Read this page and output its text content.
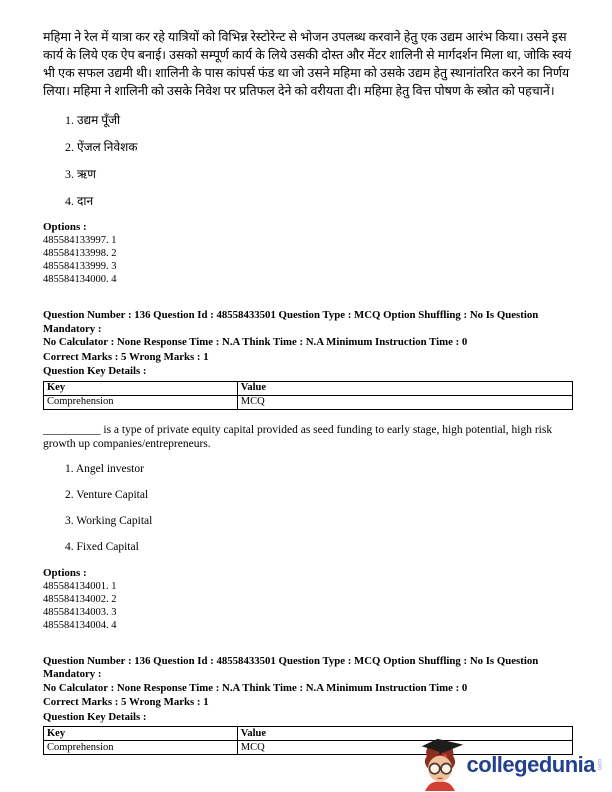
महिमा ने रेल में यात्रा कर रहे यात्रियों को विभिन्न रेस्टोरेन्ट से भोजन उपलब्ध करवाने हेतु एक उद्यम आरंभ किया। उसने इस कार्य के लिये एक ऐप बनाई। उसको सम्पूर्ण कार्य के लिये उसकी दोस्त और मेंटर शालिनी से मार्गदर्शन मिला था, जोकि स्वयं भी एक सफल उद्यमी थी। शालिनी के पास कांपर्स फंड था जो उसने महिमा को उसके उद्यम हेतु स्थानांतरित करने का निर्णय लिया। महिमा ने शालिनी को उसके निवेश पर प्रतिफल देने को वरीयता दी। महिमा हेतु वित्त पोषण के स्त्रोत को पहचानें।

1. उद्यम पूँजी
2. ऐंजल निवेशक
3. ऋण
4. दान
Options :
485584133997. 1
485584133998. 2
485584133999. 3
485584134000. 4
Question Number : 136 Question Id : 48558433501 Question Type : MCQ Option Shuffling : No Is Question Mandatory :
No Calculator : None Response Time : N.A Think Time : N.A Minimum Instruction Time : 0
Correct Marks : 5 Wrong Marks : 1
Question Key Details :
Key	Value
Comprehension	MCQ

__________ is a type of private equity capital provided as seed funding to early stage, high potential, high risk growth up companies/entrepreneurs.

1. Angel investor
2. Venture Capital
3. Working Capital
4. Fixed Capital
Options :
485584134001. 1
485584134002. 2
485584134003. 3
485584134004. 4
Question Number : 136 Question Id : 48558433501 Question Type : MCQ Option Shuffling : No Is Question Mandatory :
No Calculator : None Response Time : N.A Think Time : N.A Minimum Instruction Time : 0
Correct Marks : 5 Wrong Marks : 1
Question Key Details :
Key	Value
Comprehension	MCQ
collegedunia com
